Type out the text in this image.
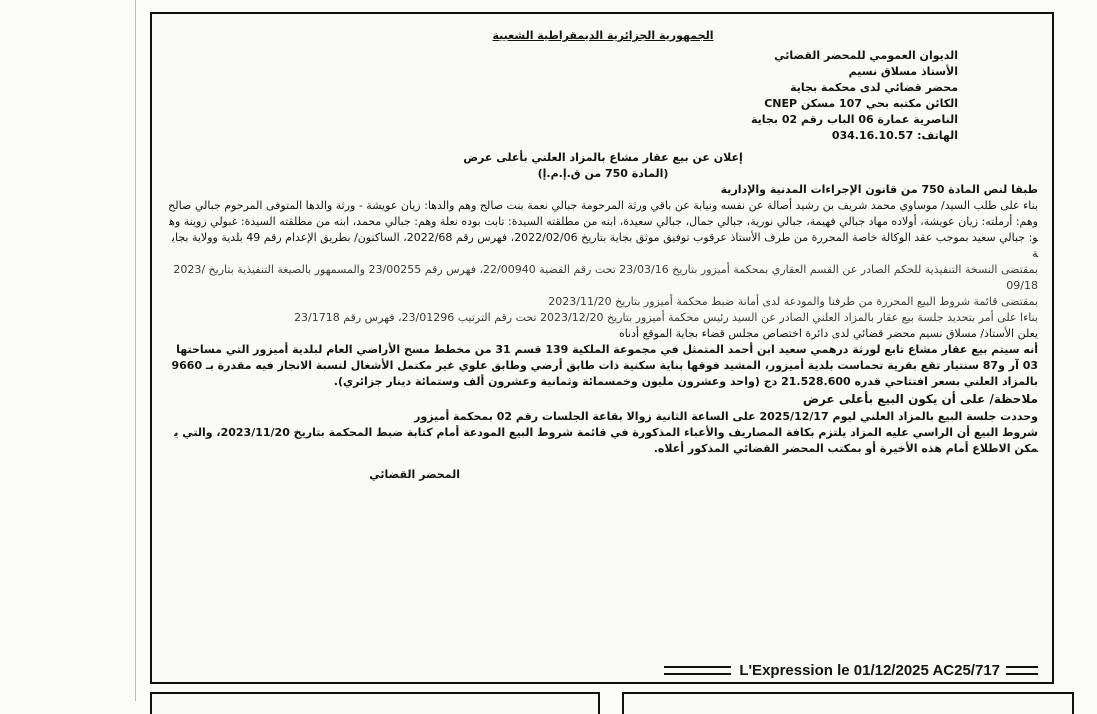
الجمهورية الجزائرية الديمقراطية الشعبية

الديوان العمومي للمحضر القضائي

الأستاذ مسلاق نسيم

محضر قضائي لدى محكمة بجاية

الكائن مكتبه بحي 107 مسكن CNEP

الناصرية عمارة 06 الباب رقم 02 بجاية

الهاتف: 034.16.10.57

إعلان عن بيع عقار مشاع بالمزاد العلني بأعلى عرض

(المادة 750 من ق.إ.م.إ)

طبقا لنص المادة 750 من قانون الإجراءات المدنية والإدارية

بناء على طلب السيد/ موساوي محمد شريف بن رشيد أصالة عن نفسه ونيابة عن باقي ورثة المرحومة جبالي نعمة بنت صالح وهم والدها: زيان عويشة - ورثة والدها المتوفى المرحوم جبالي صالح وهم: أرملته: زيان عويشة، أولاده مهاد جبالي فهيمة، جبالي نورية، جبالي جمال، جبالي سعيدة، ابنه من مطلقته السيدة: تابت بوده نعلة وهم: جبالي محمد، ابنه من مطلقته السيدة: غبولي زوينة وهو: جبالي سعيد بموجب عقد الوكالة خاصة المحررة من طرف الأستاذ عرقوب توفيق موثق بجاية بتاريخ 2022/02/06، فهرس رقم 2022/68، الساكنون/ بطريق الإعدام رقم 49 بلدية وولاية بجاية

بمقتضى النسخة التنفيذية للحكم الصادر عن القسم العقاري بمحكمة أميزور بتاريخ 23/03/16 تحت رقم القضية 22/00940، فهرس رقم 23/00255 والمسمهور بالصيغة التنفيذية بتاريخ 2023/09/18

بمقتضى قائمة شروط البيع المحررة من طرفنا والمودعة لدى أمانة ضبط محكمة أميزور بتاريخ 2023/11/20

بناءا على أمر بتحديد جلسة بيع عقار بالمزاد العلني الصادر عن السيد رئيس محكمة أميزور بتاريخ 2023/12/20 تحت رقم الترتيب 23/01296، فهرس رقم 23/1718

يعلن الأستاذ/ مسلاق نسيم محضر قضائي لدى دائرة اختصاص مجلس قضاء بجاية الموقع أدناه

أنه سيتم بيع عقار مشاع تابع لورثة درهمي سعيد ابن أحمد المتمثل في مجموعة الملكية 139 قسم 31 من مخطط مسح الأراضي العام لبلدية أميزور التي مساحتها 03 آر و87 سنتيار تقع بقرية تحماست بلدية أميزور، المشيد فوقها بناية سكنية ذات طابق أرضي وطابق علوي غير مكتمل الأشغال لنسبة الانجاز فيه مقدرة بـ 9660

بالمزاد العلني بسعر افتتاحي قدره 21.528.600 دج (واحد وعشرون مليون وخمسمائة وثمانية وعشرون ألف وستمائة دينار جزائري).

ملاحظة/ على أن يكون البيع بأعلى عرض

وحددت جلسة البيع بالمزاد العلني ليوم 2025/12/17 على الساعة الثانية زوالا بقاعة الجلسات رقم 02 بمحكمة أميزور

شروط البيع أن الراسي عليه المزاد يلتزم بكافة المصاريف والأعباء المذكورة في قائمة شروط البيع المودعة أمام كتابة ضبط المحكمة بتاريخ 2023/11/20، والتي يمكن الاطلاع أمام هذه الأخيرة أو بمكتب المحضر القضائي المذكور أعلاه.

المحضر القضائي

L'Expression le 01/12/2025 AC25/717
